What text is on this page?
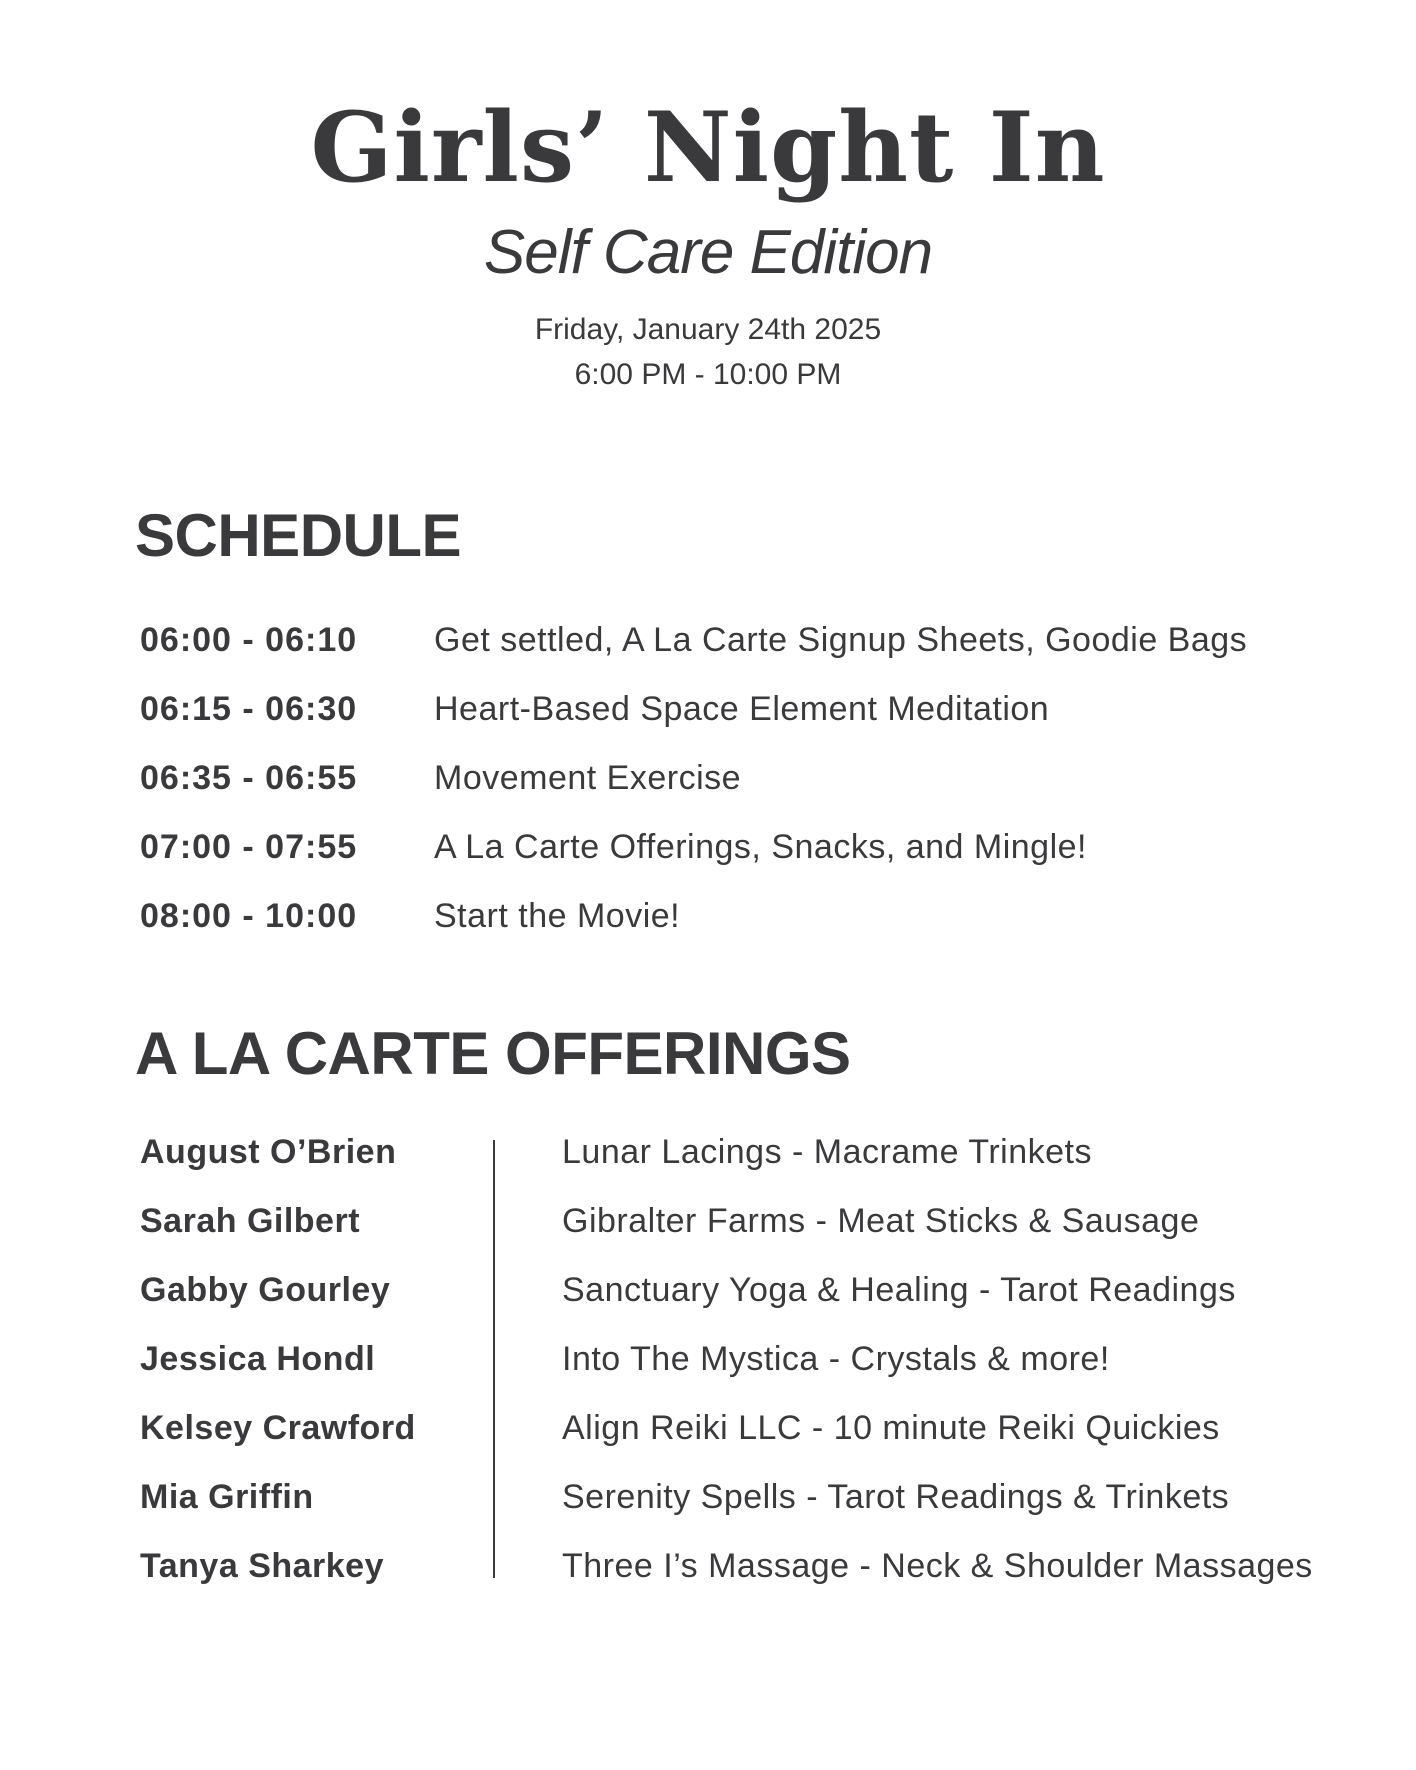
Girls’ Night In
Self Care Edition
Friday, January 24th 2025
6:00 PM - 10:00 PM
SCHEDULE
06:00 - 06:10	Get settled, A La Carte Signup Sheets, Goodie Bags
06:15 - 06:30	Heart-Based Space Element Meditation
06:35 - 06:55	Movement Exercise
07:00 - 07:55	A La Carte Offerings, Snacks, and Mingle!
08:00 - 10:00	Start the Movie!
A LA CARTE OFFERINGS
August O’Brien	Lunar Lacings - Macrame Trinkets
Sarah Gilbert	Gibralter Farms - Meat Sticks & Sausage
Gabby Gourley	Sanctuary Yoga & Healing - Tarot Readings
Jessica Hondl	Into The Mystica - Crystals & more!
Kelsey Crawford	Align Reiki LLC - 10 minute Reiki Quickies
Mia Griffin	Serenity Spells - Tarot Readings & Trinkets
Tanya Sharkey	Three I’s Massage - Neck & Shoulder Massages
